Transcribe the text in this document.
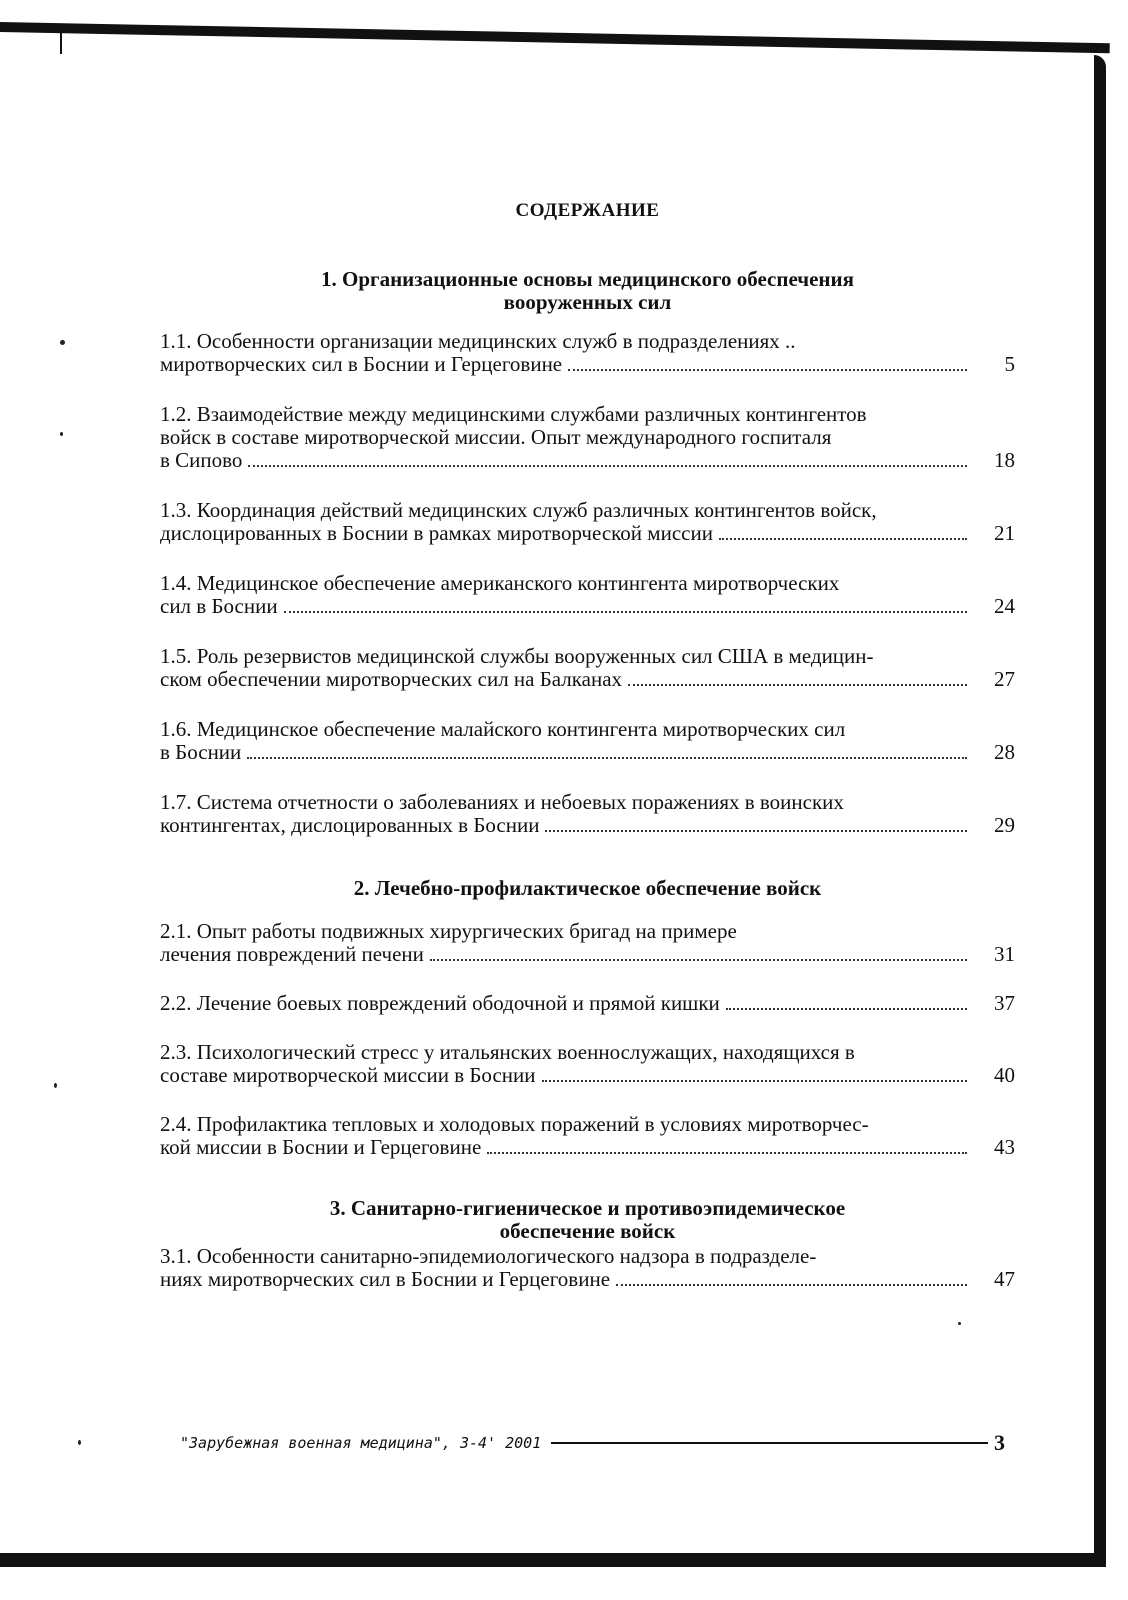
СОДЕРЖАНИЕ
1. Организационные основы медицинского обеспечения
вооруженных сил
1.1. Особенности организации медицинских служб в подразделениях ..
миротворческих сил в Боснии и Герцеговине	5
1.2. Взаимодействие между медицинскими службами различных контингентов
войск в составе миротворческой миссии. Опыт международного госпиталя
в Сипово	18
1.3. Координация действий медицинских служб различных контингентов войск,
дислоцированных в Боснии в рамках миротворческой миссии	21
1.4. Медицинское обеспечение американского контингента миротворческих
сил в Боснии	24
1.5. Роль резервистов медицинской службы вооруженных сил США в медицин-
ском обеспечении миротворческих сил на Балканах	27
1.6. Медицинское обеспечение малайского контингента миротворческих сил
в Боснии	28
1.7. Система отчетности о заболеваниях и небоевых поражениях в воинских
контингентах, дислоцированных в Боснии	29
2. Лечебно-профилактическое обеспечение войск
2.1. Опыт работы подвижных хирургических бригад на примере
лечения повреждений печени	31
2.2. Лечение боевых повреждений ободочной и прямой кишки	37
2.3. Психологический стресс у итальянских военнослужащих, находящихся в
составе миротворческой миссии в Боснии	40
2.4. Профилактика тепловых и холодовых поражений в условиях миротворчес-
кой миссии в Боснии и Герцеговине	43
3. Санитарно-гигиеническое и противоэпидемическое
обеспечение войск
3.1. Особенности санитарно-эпидемиологического надзора в подразделе-
ниях миротворческих сил в Боснии и Герцеговине	47
"Зарубежная военная медицина", 3-4' 2001	3
